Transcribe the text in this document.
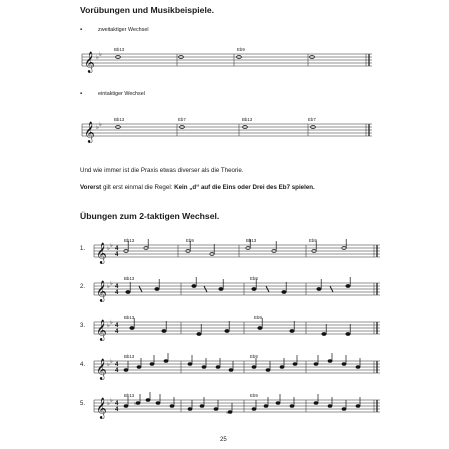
Vorübungen und Musikbeispiele.
▪	zweitaktiger Wechsel
𝄞 ♭ ♭
Bb13	Eb9
▪	eintaktiger Wechsel
𝄞 ♭ ♭
Bb13	Eb7	Bb13	Eb7
Und wie immer ist die Praxis etwas diverser als die Theorie.
Vorerst gilt erst einmal die Regel: Kein „d“ auf die Eins oder Drei des Eb7 spielen.
Übungen zum 2-taktigen Wechsel.
1. 𝄞 ♭ ♭ 4
4
Bb13	Eb9	Bb13	Eb9
2. 𝄞 ♭ ♭ 4
4
Bb13	Eb9
3. 𝄞 ♭ ♭ 4
4
Bb13	Eb9
4. 𝄞 ♭ ♭ 4
4
Bb13	Eb9
5. 𝄞 ♭ ♭ 4
4
Bb13	Eb9
♭
♭
25
